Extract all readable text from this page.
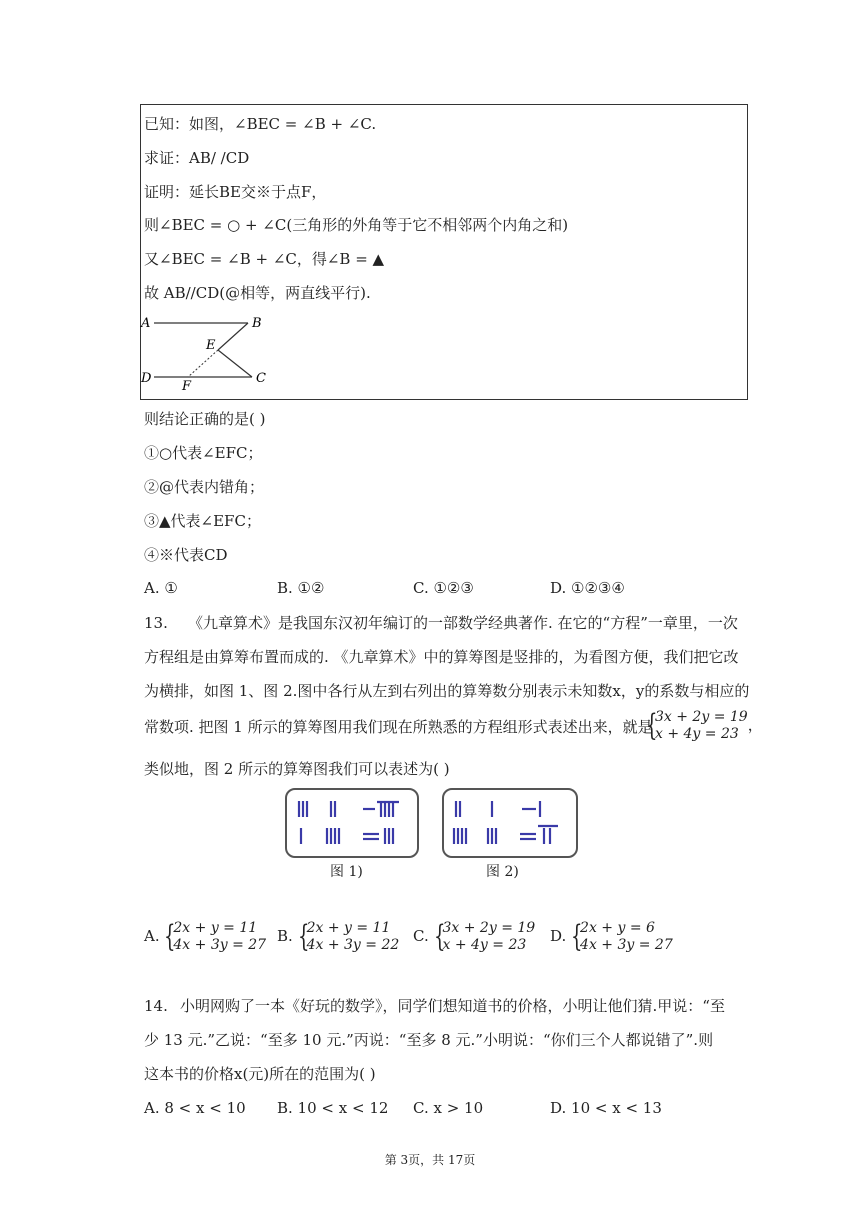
已知：如图，∠BEC = ∠B + ∠C.
求证：AB/ /CD
证明：延长BE交※于点F，
则∠BEC = ○ + ∠C(三角形的外角等于它不相邻两个内角之和)
又∠BEC = ∠B + ∠C，得∠B = ▲
故 AB//CD(@相等，两直线平行).
A	B
E
D
F
C
则结论正确的是( )
①○代表∠EFC；
②@代表内错角；
③▲代表∠EFC；
④※代表CD
A. ①	B. ①②	C. ①②③	D. ①②③④
13. 《九章算术》是我国东汉初年编订的一部数学经典著作. 在它的“方程”一章里，一次
方程组是由算筹布置而成的. 《九章算术》中的算筹图是竖排的，为看图方便，我们把它改
为横排，如图 1、图 2.图中各行从左到右列出的算筹数分别表示未知数x，y的系数与相应的
常数项. 把图 1 所示的算筹图用我们现在所熟悉的方程组形式表述出来，就是
{
3x + 2y = 19
x + 4y = 23 ，
类似地，图 2 所示的算筹图我们可以表述为( )
图 1)	图 2)
A. {
2x + y = 11
4x + 3y = 27 B. {
2x + y = 11
4x + 3y = 22 C. {
3x + 2y = 19
x + 4y = 23	D. {
2x + y = 6
4x + 3y = 27
14. 小明网购了一本《好玩的数学》，同学们想知道书的价格，小明让他们猜.甲说：“至
少 13 元.”乙说：“至多 10 元.”丙说：“至多 8 元.”小明说：“你们三个人都说错了”.则
这本书的价格x(元)所在的范围为( )
A. 8 < x < 10 B. 10 < x < 12 C. x > 10	D. 10 < x < 13
第 3页，共 17页
